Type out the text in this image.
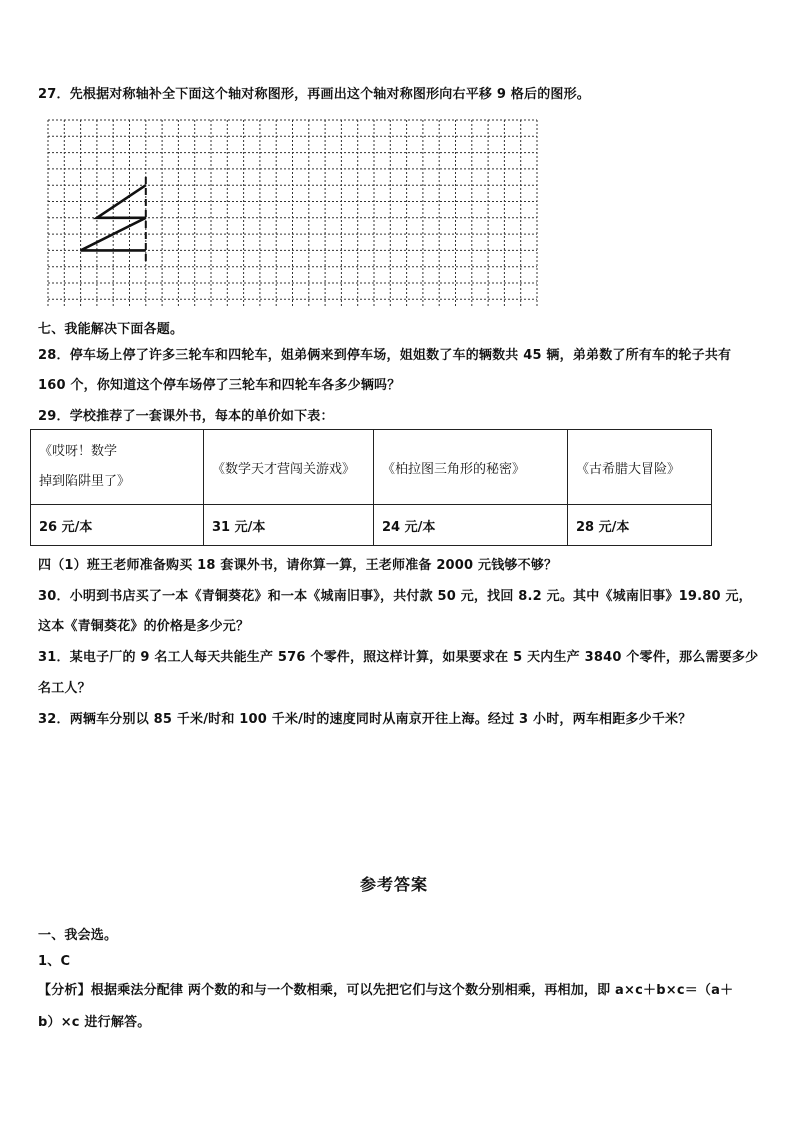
27．先根据对称轴补全下面这个轴对称图形，再画出这个轴对称图形向右平移 9 格后的图形。
七、我能解决下面各题。
28．停车场上停了许多三轮车和四轮车，姐弟俩来到停车场，姐姐数了车的辆数共 45 辆，弟弟数了所有车的轮子共有
160 个，你知道这个停车场停了三轮车和四轮车各多少辆吗？
29．学校推荐了一套课外书，每本的单价如下表：
《哎呀！数学
掉到陷阱里了》	《数学天才营闯关游戏》	《柏拉图三角形的秘密》	《古希腊大冒险》
26 元/本	31 元/本	24 元/本	28 元/本
四（1）班王老师准备购买 18 套课外书，请你算一算，王老师准备 2000 元钱够不够？
30．小明到书店买了一本《青铜葵花》和一本《城南旧事》，共付款 50 元，找回 8.2 元。其中《城南旧事》19.80 元，
这本《青铜葵花》的价格是多少元？
31．某电子厂的 9 名工人每天共能生产 576 个零件，照这样计算，如果要求在 5 天内生产 3840 个零件，那么需要多少
名工人？
32．两辆车分别以 85 千米/时和 100 千米/时的速度同时从南京开往上海。经过 3 小时，两车相距多少千米？
参考答案
一、我会选。
1、C
【分析】根据乘法分配律 两个数的和与一个数相乘，可以先把它们与这个数分别相乘，再相加，即 a×c＋b×c＝（a＋
b）×c 进行解答。
